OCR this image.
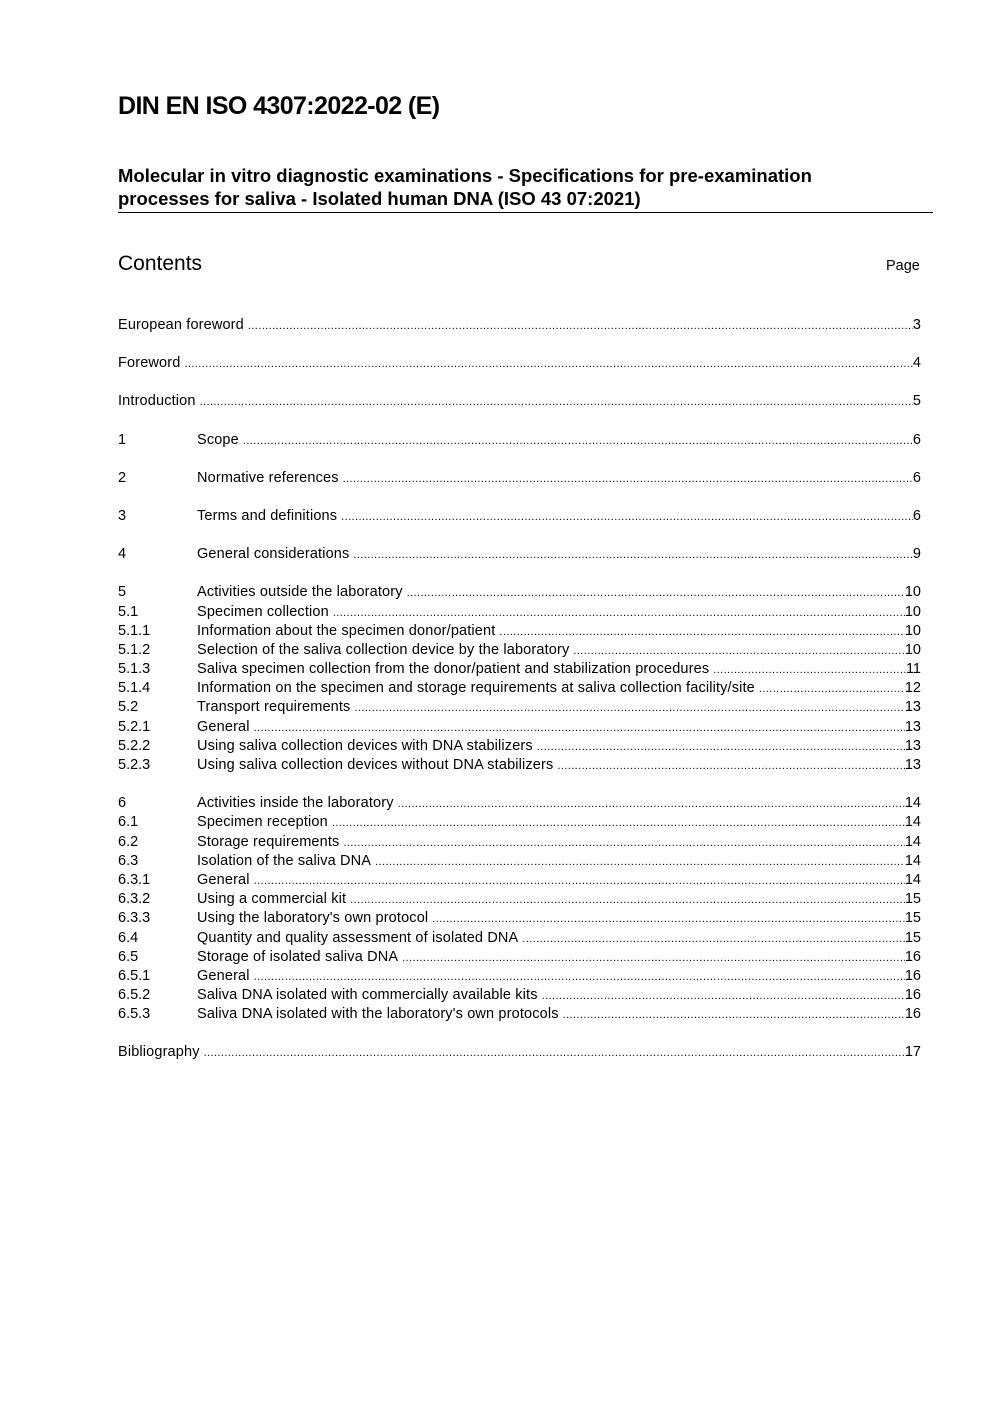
DIN EN ISO 4307:2022-02 (E)
Molecular in vitro diagnostic examinations - Specifications for pre-examination
processes for saliva - Isolated human DNA (ISO 43 07:2021)
Contents	Page
European foreword .....	3
Foreword .....	4
Introduction .....	5
1	Scope .....	6
2	Normative references .....	6
3	Terms and definitions .....	6
4	General considerations .....	9
5	Activities outside the laboratory .....	10
5.1	Specimen collection .....	10
5.1.1	Information about the specimen donor/patient .....	10
5.1.2	Selection of the saliva collection device by the laboratory .....	10
5.1.3	Saliva specimen collection from the donor/patient and stabilization procedures .....	11
5.1.4	Information on the specimen and storage requirements at saliva collection facility/site .....	12
5.2	Transport requirements .....	13
5.2.1	General .....	13
5.2.2	Using saliva collection devices with DNA stabilizers .....	13
5.2.3	Using saliva collection devices without DNA stabilizers .....	13
6	Activities inside the laboratory .....	14
6.1	Specimen reception .....	14
6.2	Storage requirements .....	14
6.3	Isolation of the saliva DNA .....	14
6.3.1	General .....	14
6.3.2	Using a commercial kit .....	15
6.3.3	Using the laboratory's own protocol .....	15
6.4	Quantity and quality assessment of isolated DNA .....	15
6.5	Storage of isolated saliva DNA .....	16
6.5.1	General .....	16
6.5.2	Saliva DNA isolated with commercially available kits .....	16
6.5.3	Saliva DNA isolated with the laboratory's own protocols .....	16
Bibliography .....	17
